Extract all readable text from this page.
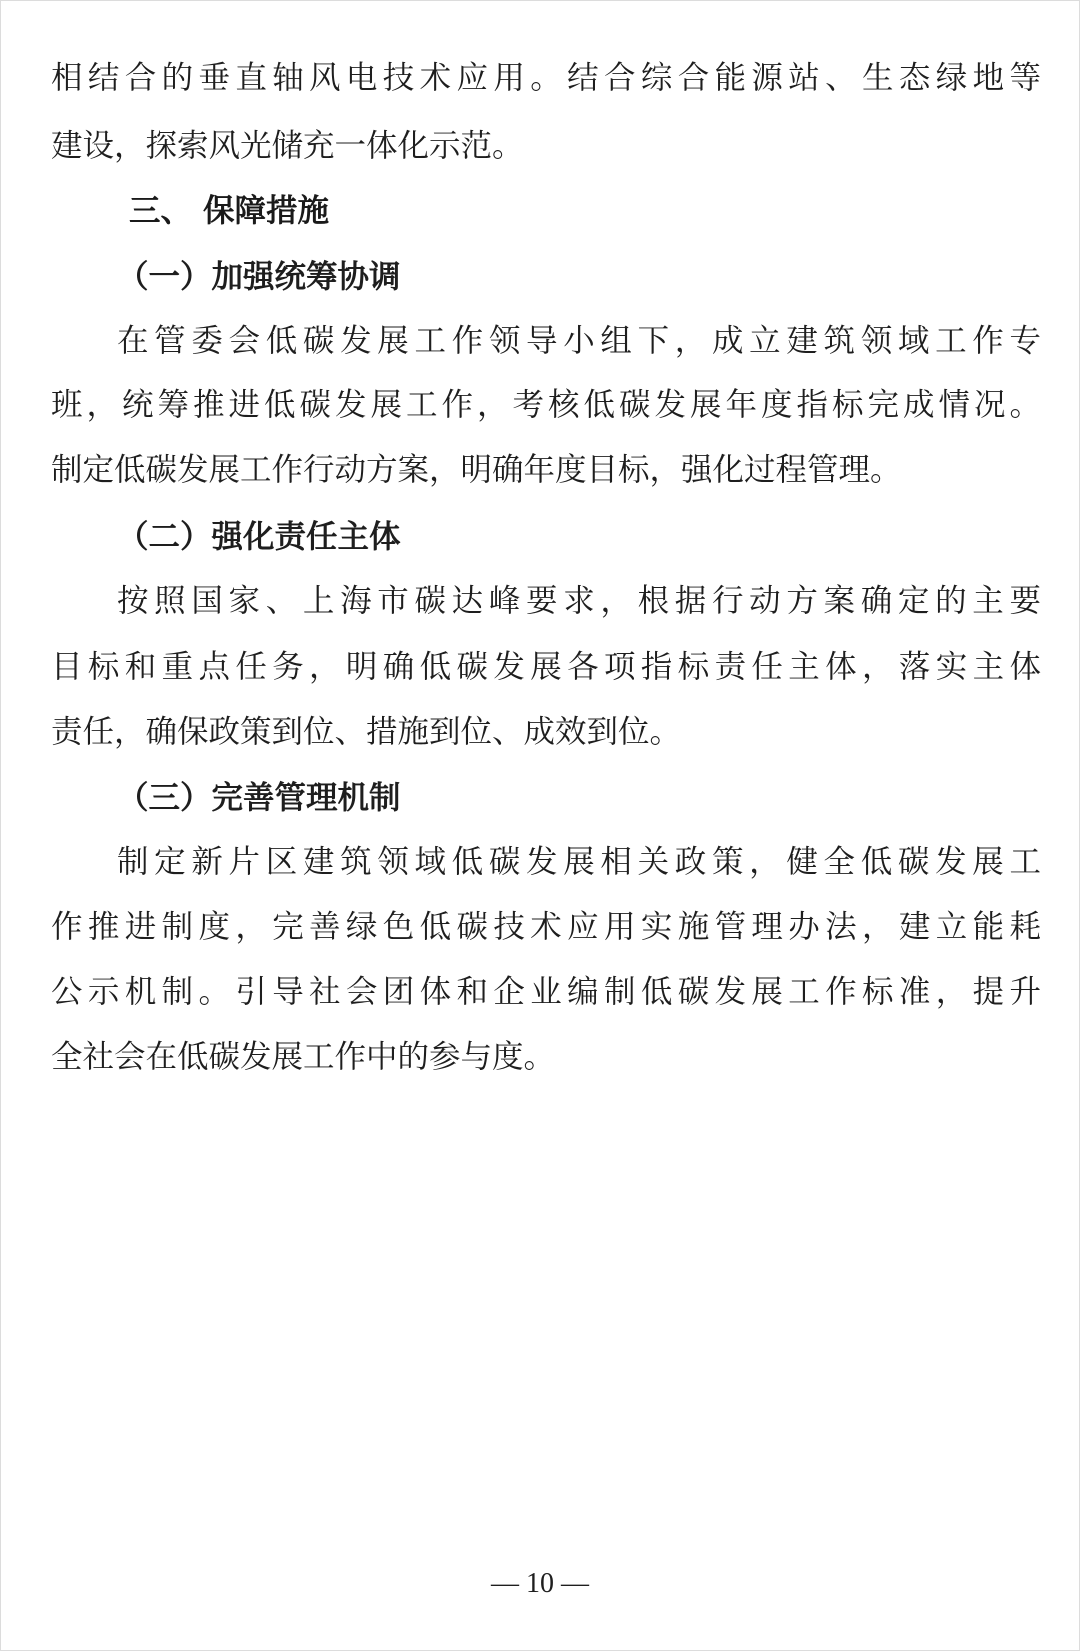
相结合的垂直轴风电技术应用。结合综合能源站、生态绿地等

建设，探索风光储充一体化示范。

三、 保障措施
（一）加强统筹协调

在管委会低碳发展工作领导小组下，成立建筑领域工作专

班，统筹推进低碳发展工作，考核低碳发展年度指标完成情况。

制定低碳发展工作行动方案，明确年度目标，强化过程管理。

（二）强化责任主体

按照国家、上海市碳达峰要求，根据行动方案确定的主要

目标和重点任务，明确低碳发展各项指标责任主体，落实主体

责任，确保政策到位、措施到位、成效到位。

（三）完善管理机制

制定新片区建筑领域低碳发展相关政策，健全低碳发展工

作推进制度，完善绿色低碳技术应用实施管理办法，建立能耗

公示机制。引导社会团体和企业编制低碳发展工作标准，提升

全社会在低碳发展工作中的参与度。

— 10 —
